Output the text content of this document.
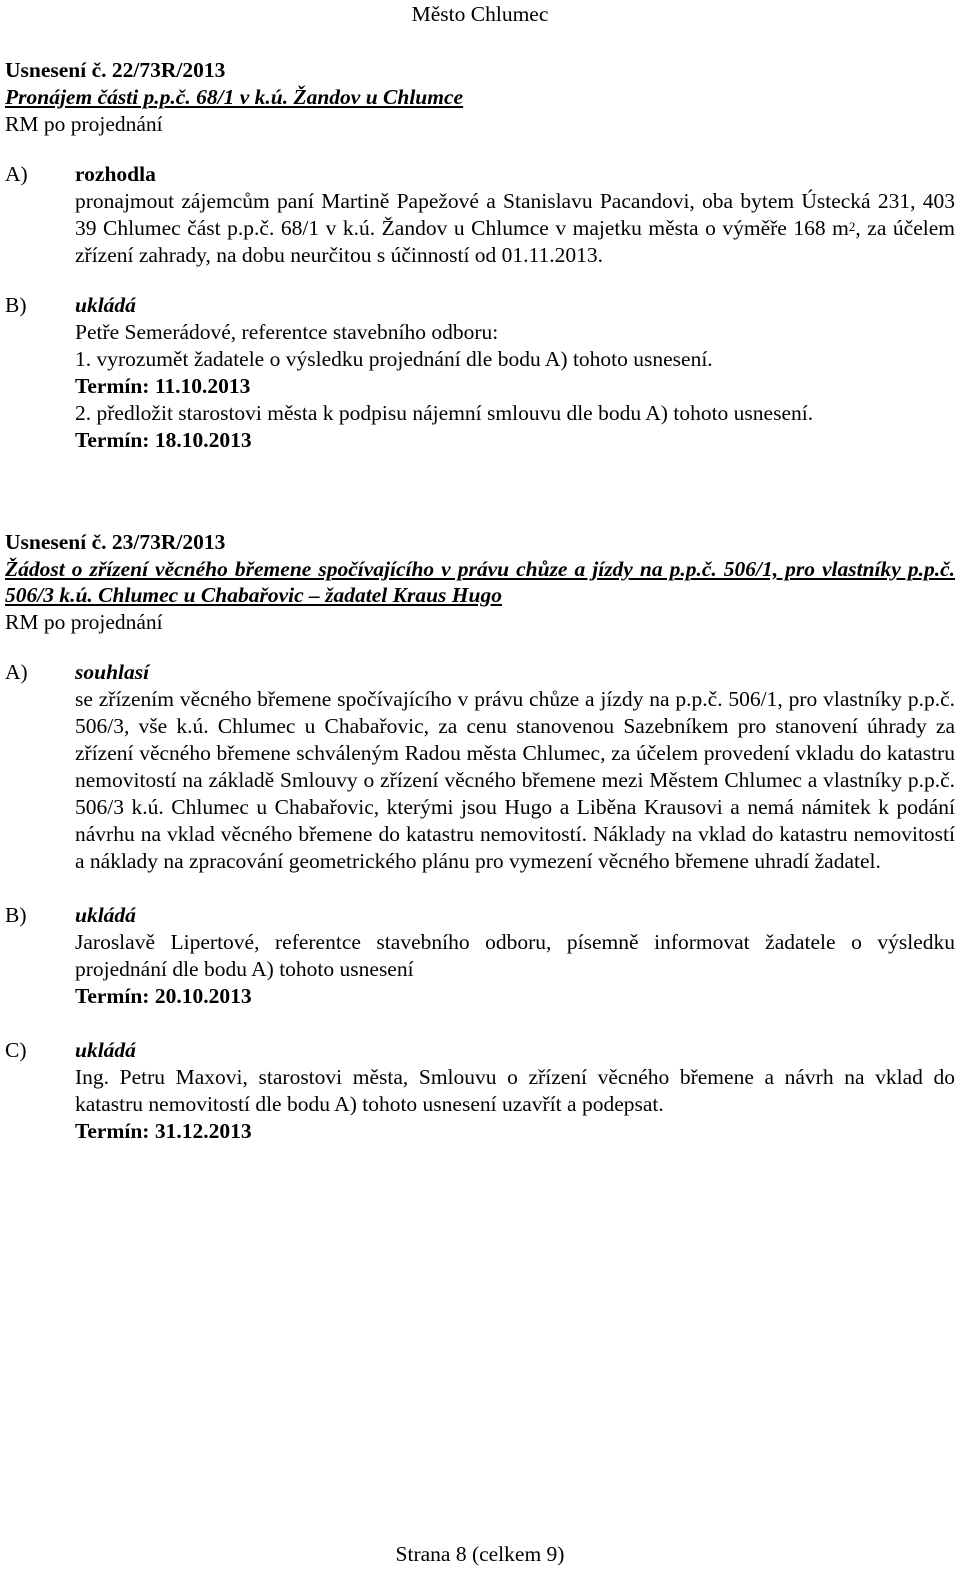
Město Chlumec
Usnesení č. 22/73R/2013
Pronájem části p.p.č. 68/1 v k.ú. Žandov u Chlumce
RM po projednání
A) rozhodla
pronajmout zájemcům paní Martině Papežové a Stanislavu Pacandovi, oba bytem Ústecká 231, 403 39 Chlumec část p.p.č. 68/1 v k.ú. Žandov u Chlumce v majetku města o výměře 168 $m^2$, za účelem zřízení zahrady, na dobu neurčitou s účinností od 01.11.2013.
B) ukládá
Petře Semerádové, referentce stavebního odboru:
1. vyrozumět žadatele o výsledku projednání dle bodu A) tohoto usnesení.
Termín: 11.10.2013
2. předložit starostovi města k podpisu nájemní smlouvu dle bodu A) tohoto usnesení.
Termín: 18.10.2013
Usnesení č. 23/73R/2013
Žádost o zřízení věcného břemene spočívajícího v právu chůze a jízdy na p.p.č. 506/1, pro vlastníky p.p.č. 506/3 k.ú. Chlumec u Chabařovic – žadatel Kraus Hugo
RM po projednání
A) souhlasí
se zřízením věcného břemene spočívajícího v právu chůze a jízdy na p.p.č. 506/1, pro vlastníky p.p.č. 506/3, vše k.ú. Chlumec u Chabařovic, za cenu stanovenou Sazebníkem pro stanovení úhrady za zřízení věcného břemene schváleným Radou města Chlumec, za účelem provedení vkladu do katastru nemovitostí na základě Smlouvy o zřízení věcného břemene mezi Městem Chlumec a vlastníky p.p.č. 506/3 k.ú. Chlumec u Chabařovic, kterými jsou Hugo a Liběna Krausovi a nemá námitek k podání návrhu na vklad věcného břemene do katastru nemovitostí. Náklady na vklad do katastru nemovitostí a náklady na zpracování geometrického plánu pro vymezení věcného břemene uhradí žadatel.
B) ukládá
Jaroslavě Lipertové, referentce stavebního odboru, písemně informovat žadatele o výsledku projednání dle bodu A) tohoto usnesení
Termín: 20.10.2013
C) ukládá
Ing. Petru Maxovi, starostovi města, Smlouvu o zřízení věcného břemene a návrh na vklad do katastru nemovitostí dle bodu A) tohoto usnesení uzavřít a podepsat.
Termín: 31.12.2013
Strana 8 (celkem 9)
